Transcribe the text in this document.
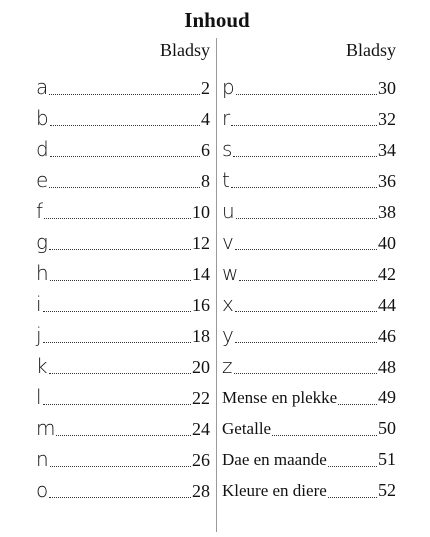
Inhoud
Bladsy
a	2
b	4
d	6
e	8
f	10
g	12
h	14
i	16
j	18
k	20
l	22
m	24
n	26
o	28
Bladsy
p	30
r	32
s	34
t	36
u	38
v	40
w	42
x	44
y	46
z	48
Mense en plekke 49
Getalle	50
Dae en maande	51
Kleure en diere	52
